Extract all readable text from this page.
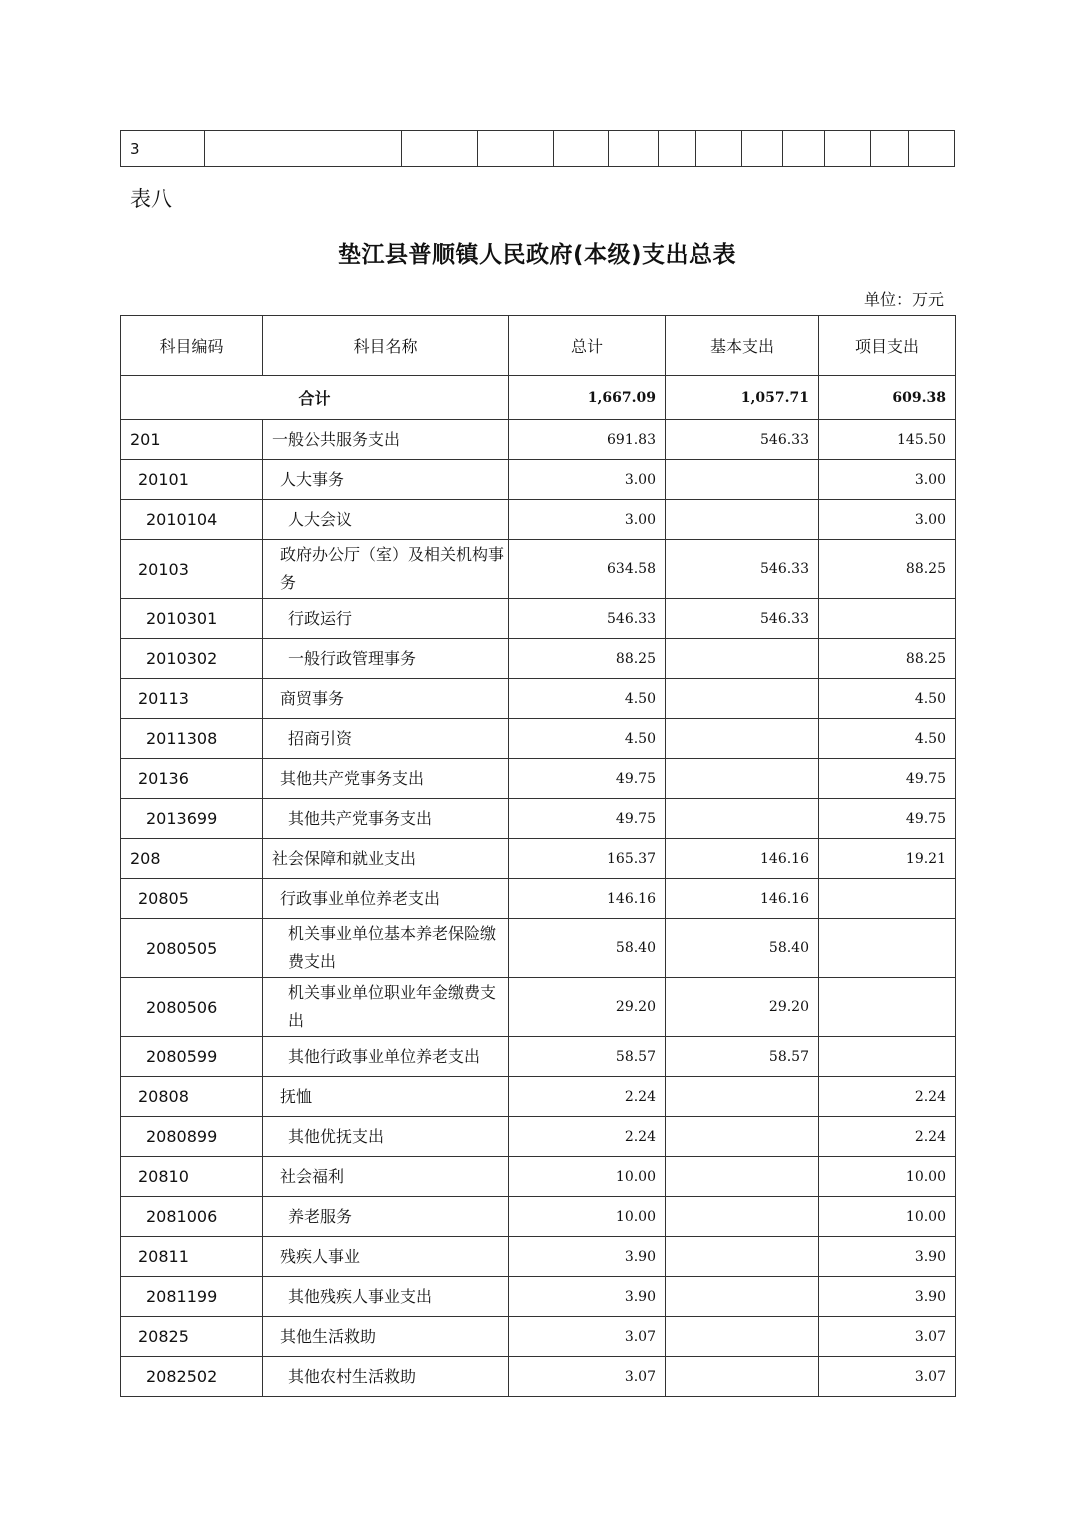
3												
表八
垫江县普顺镇人民政府(本级)支出总表
单位：万元
科目编码	科目名称	总计	基本支出	项目支出
合计		1,667.09	1,057.71	609.38
201	一般公共服务支出	691.83	546.33	145.50
20101	人大事务	3.00		3.00
2010104	人大会议	3.00		3.00
20103	政府办公厅（室）及相关机构事务	634.58	546.33	88.25
2010301	行政运行	546.33	546.33	
2010302	一般行政管理事务	88.25		88.25
20113	商贸事务	4.50		4.50
2011308	招商引资	4.50		4.50
20136	其他共产党事务支出	49.75		49.75
2013699	其他共产党事务支出	49.75		49.75
208	社会保障和就业支出	165.37	146.16	19.21
20805	行政事业单位养老支出	146.16	146.16	
2080505	机关事业单位基本养老保险缴费支出	58.40	58.40	
2080506	机关事业单位职业年金缴费支出	29.20	29.20	
2080599	其他行政事业单位养老支出	58.57	58.57	
20808	抚恤	2.24		2.24
2080899	其他优抚支出	2.24		2.24
20810	社会福利	10.00		10.00
2081006	养老服务	10.00		10.00
20811	残疾人事业	3.90		3.90
2081199	其他残疾人事业支出	3.90		3.90
20825	其他生活救助	3.07		3.07
2082502	其他农村生活救助	3.07		3.07
